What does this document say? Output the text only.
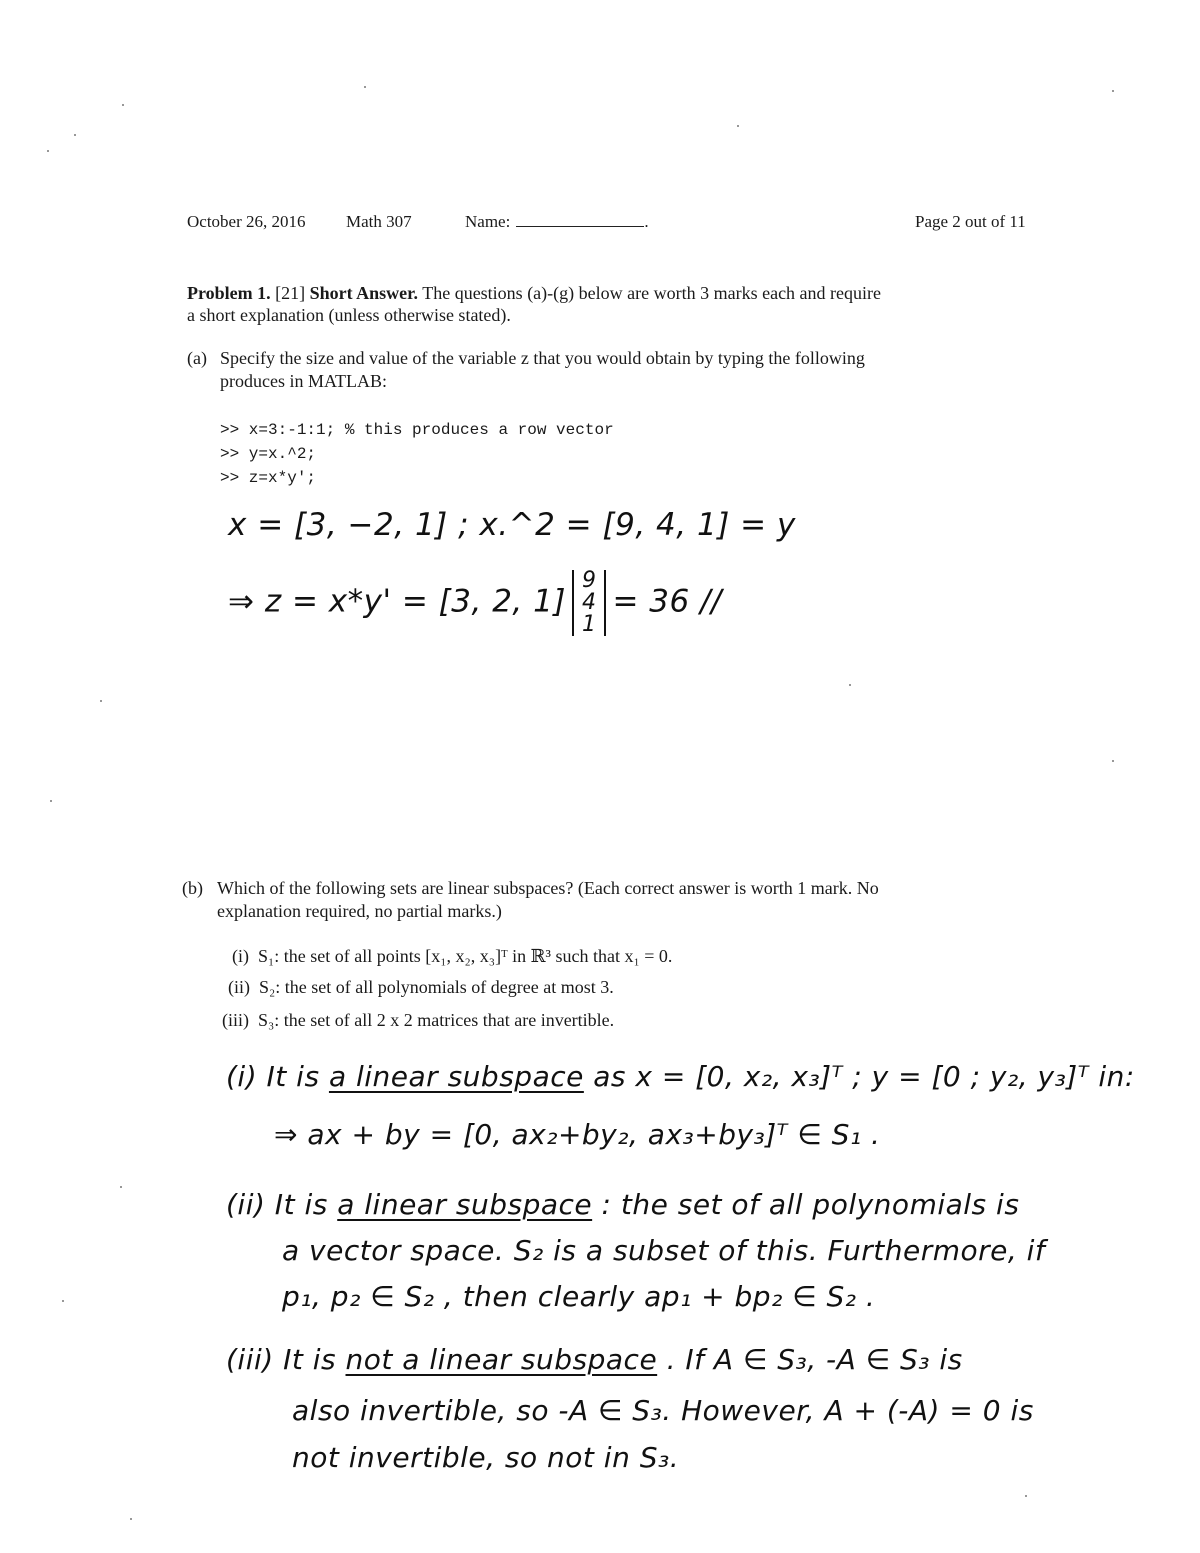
October 26, 2016 Math 307	Name:	.	Page 2 out of 11
Problem 1. [21] Short Answer. The questions (a)-(g) below are worth 3 marks each and require
a short explanation (unless otherwise stated).
(a) Specify the size and value of the variable z that you would obtain by typing the following
produces in MATLAB:
>> x=3:-1:1; % this produces a row vector
>> y=x.^2;
>> z=x*y';
x = [3, −2, 1] ; x.^2 = [9, 4, 1] = y
⇒ z = x*y' = [3, 2, 1]9
4
1= 36 //
(b) Which of the following sets are linear subspaces? (Each correct answer is worth 1 mark. No
explanation required, no partial marks.)
(i) S₁: the set of all points [x₁, x₂, x₃]ᵀ in ℝ³ such that x₁ = 0.
(ii) S₂: the set of all polynomials of degree at most 3.
(iii) S₃: the set of all 2 x 2 matrices that are invertible.
(i) It is a linear subspace as x = [0, x₂, x₃]ᵀ ; y = [0 ; y₂, y₃]ᵀ in:
⇒ ax + by = [0, ax₂+by₂, ax₃+by₃]ᵀ ∈ S₁ .
(ii) It is a linear subspace : the set of all polynomials is
a vector space. S₂ is a subset of this. Furthermore, if
p₁, p₂ ∈ S₂ , then clearly ap₁ + bp₂ ∈ S₂ .
(iii) It is not a linear subspace . If A ∈ S₃, -A ∈ S₃ is
also invertible, so -A ∈ S₃. However, A + (-A) = 0 is
not invertible, so not in S₃.
